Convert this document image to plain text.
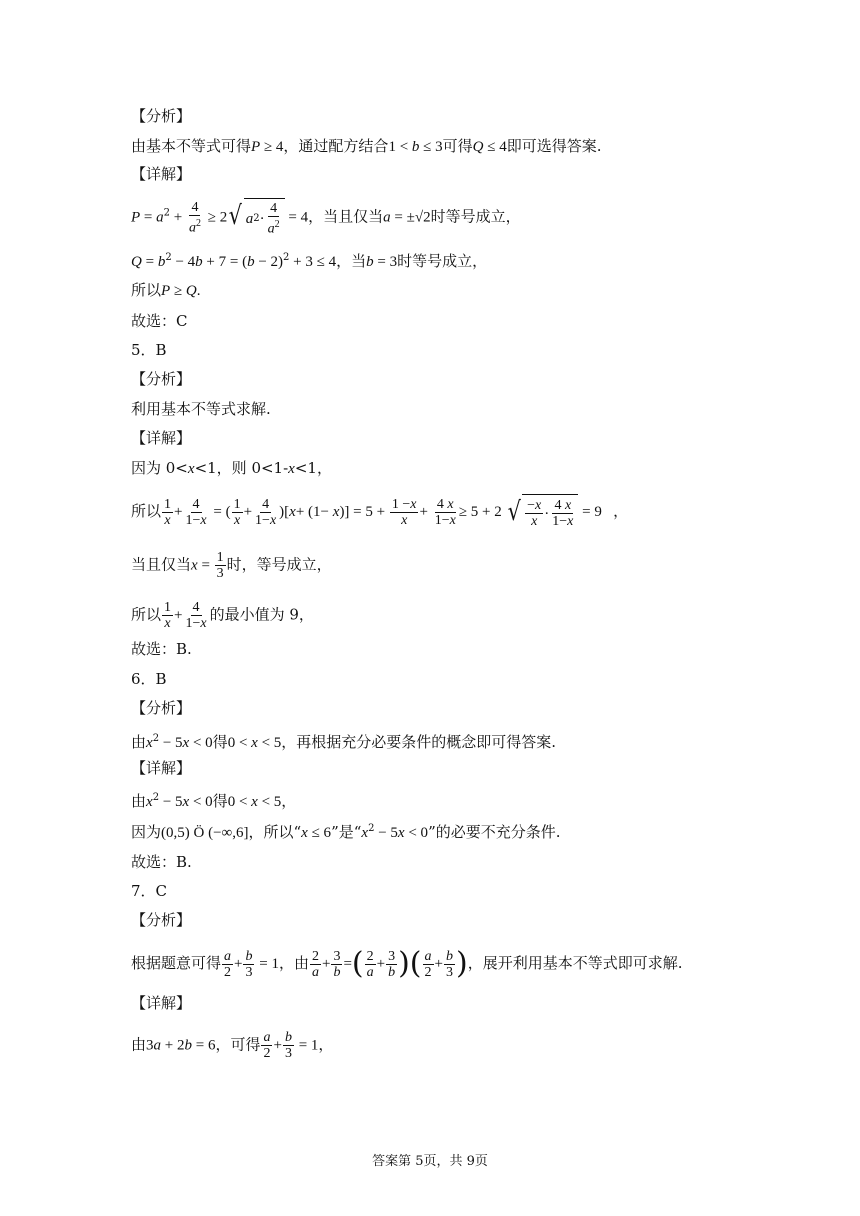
【分析】
由基本不等式可得P ≥ 4，通过配方结合1 < b ≤ 3可得Q ≤ 4即可选得答案.
【详解】
$P = a^2 + \frac{4}{a^2} \ge 2$ √ a $2 \cdot \frac{4}{a^2} = 4$，当且仅当a = ±√2时等号成立，
$Q = b^2 - 4b + 7 = (b - 2)^2 + 3 \le 4$，当b = 3时等号成立，
所以P ≥ Q.
故选：C
5．B
【分析】
利用基本不等式求解.
【详解】
因为 0<x<1，则 0<1-x<1，
所以 $\frac{1}{x} + \frac{4}{1-x}$ = ( $\frac{1}{x} + \frac{4}{1-x} )[x+ (1- x)] = 5 + \frac{1 -x}{x} + \frac{4 x}{1-x} \ge 5 + 2$ √ $\frac{-x}{x} \cdot \frac{4 x}{1-x} = 9$   ，
当且仅当$x = \frac{1}{3}$ 时，等号成立，
所以 $\frac{1}{x} + \frac{4}{1-x}$ 的最小值为 9，
故选：B.
6．B
【分析】
由$x^2 - 5x < 0$得0 < x < 5，再根据充分必要条件的概念即可得答案.
【详解】
由$x^2 - 5x < 0$得0 < x < 5，
因为(0,5) Ö (−∞,6]，所以“x ≤ 6”是“$x^2 - 5x < 0$”的必要不充分条件.
故选：B.
7．C
【分析】
根据题意可得 $\frac{a}{2} + \frac{b}{3} = 1$，由 $\frac{2}{a} + \frac{3}{b}$ =( $\frac{2}{a} + \frac{3}{b}$ )( $\frac{a}{2} + \frac{b}{3}$ )，展开利用基本不等式即可求解.
【详解】
由3a + 2b = 6，可得 $\frac{a}{2} + \frac{b}{3} = 1$，
答案第 5页，共 9页
